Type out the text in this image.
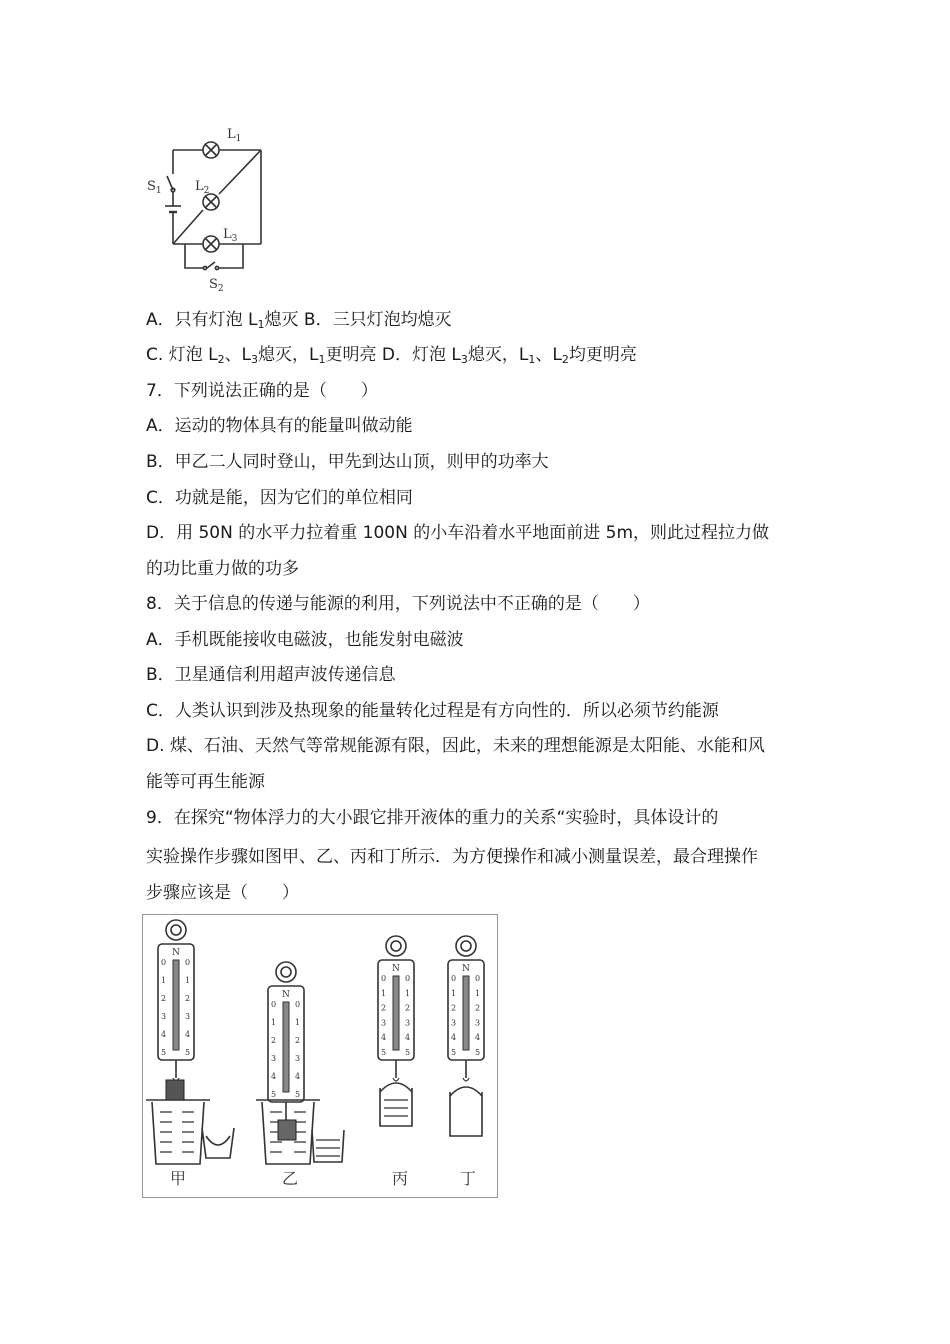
$L_1$
$L_2$
$L_3$
$S_1$
$S_2$
A．只有灯泡 $L_1$熄灭 B．三只灯泡均熄灭
C. 灯泡 $L_2$、$L_3$熄灭，$L_1$更明亮 D．灯泡 $L_3$熄灭，$L_1$、$L_2$均更明亮
7．下列说法正确的是（　　）
A．运动的物体具有的能量叫做动能
B．甲乙二人同时登山，甲先到达山顶，则甲的功率大
C．功就是能，因为它们的单位相同
D．用 50N 的水平力拉着重 100N 的小车沿着水平地面前进 5m，则此过程拉力做
的功比重力做的功多
8．关于信息的传递与能源的利用，下列说法中不正确的是（　　）
A．手机既能接收电磁波，也能发射电磁波
B．卫星通信利用超声波传递信息
C．人类认识到涉及热现象的能量转化过程是有方向性的．所以必须节约能源
D. 煤、石油、天然气等常规能源有限，因此，未来的理想能源是太阳能、水能和风
能等可再生能源
9．在探究“物体浮力的大小跟它排开液体的重力的关系“实验时，具体设计的
实验操作步骤如图甲、乙、丙和丁所示．为方便操作和减小测量误差，最合理操作
步骤应该是（　　）
N
0 0
1 1
2 2
3 3
4 4
5 5
N
0 0
1 1
2 2
3 3
4 4
5 5
N
0 0
1 1
2 2
3 3
4 4
5 5
N
0 0
1 1
2 2
3 3
4 4
5 5
甲	乙	丙	丁
